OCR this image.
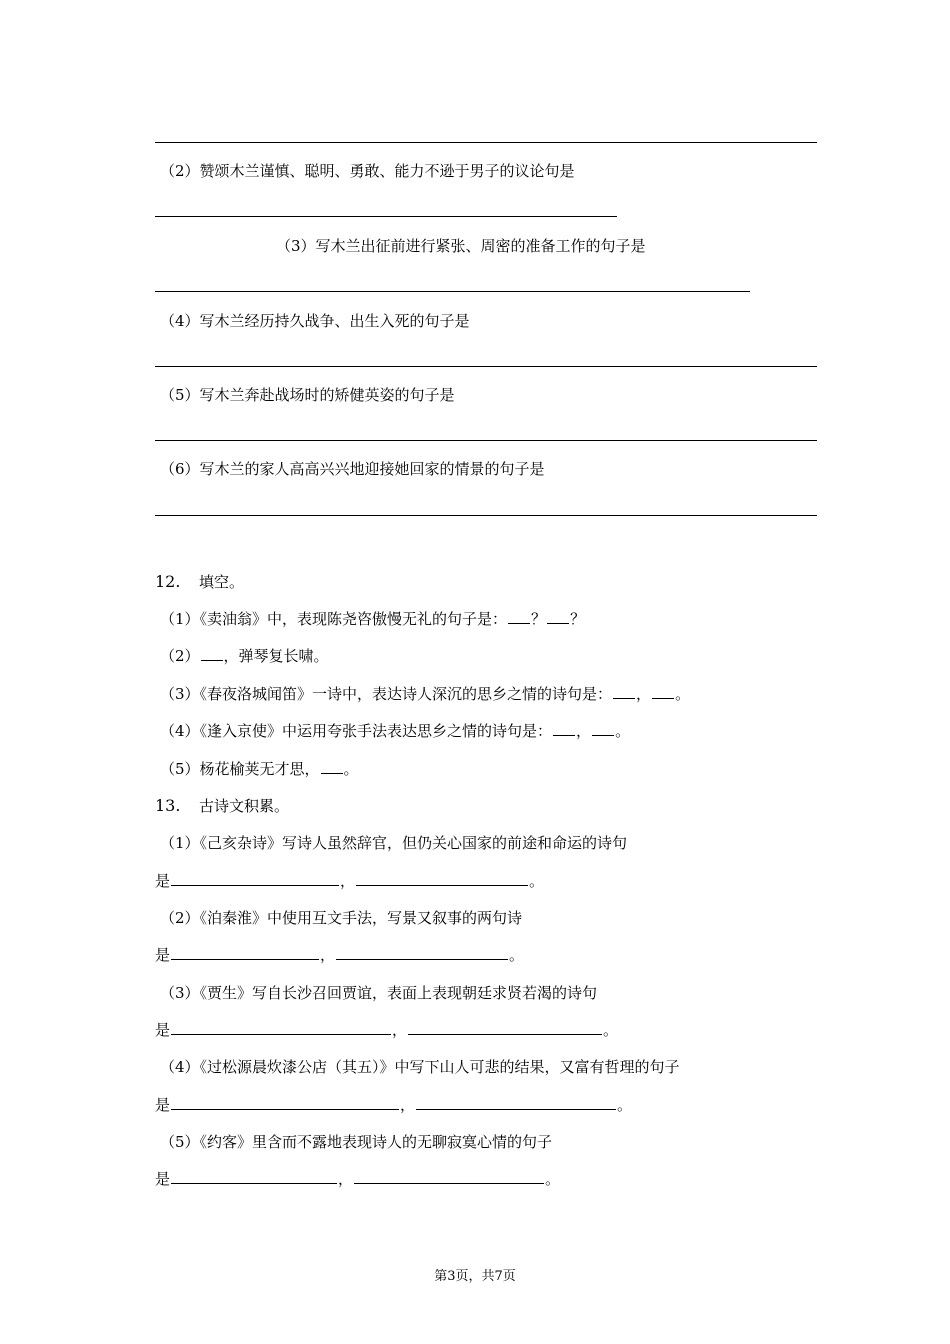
（2）赞颂木兰谨慎、聪明、勇敢、能力不逊于男子的议论句是
（3）写木兰出征前进行紧张、周密的准备工作的句子是
（4）写木兰经历持久战争、出生入死的句子是
（5）写木兰奔赴战场时的矫健英姿的句子是
（6）写木兰的家人高高兴兴地迎接她回家的情景的句子是
12. 填空。
（1）《卖油翁》中，表现陈尧咨傲慢无礼的句子是： ？ ？
（2） ，弹琴复长啸。
（3）《春夜洛城闻笛》一诗中，表达诗人深沉的思乡之情的诗句是： ， 。
（4）《逢入京使》中运用夸张手法表达思乡之情的诗句是： ， 。
（5）杨花榆荚无才思， 。
13. 古诗文积累。
（1）《己亥杂诗》写诗人虽然辞官，但仍关心国家的前途和命运的诗句
是	，	。
（2）《泊秦淮》中使用互文手法，写景又叙事的两句诗
是	，	。
（3）《贾生》写自长沙召回贾谊，表面上表现朝廷求贤若渴的诗句
是	，	。
（4）《过松源晨炊漆公店（其五）》中写下山人可悲的结果，又富有哲理的句子
是	，	。
（5）《约客》里含而不露地表现诗人的无聊寂寞心情的句子
是	，	。
第3页，共7页
